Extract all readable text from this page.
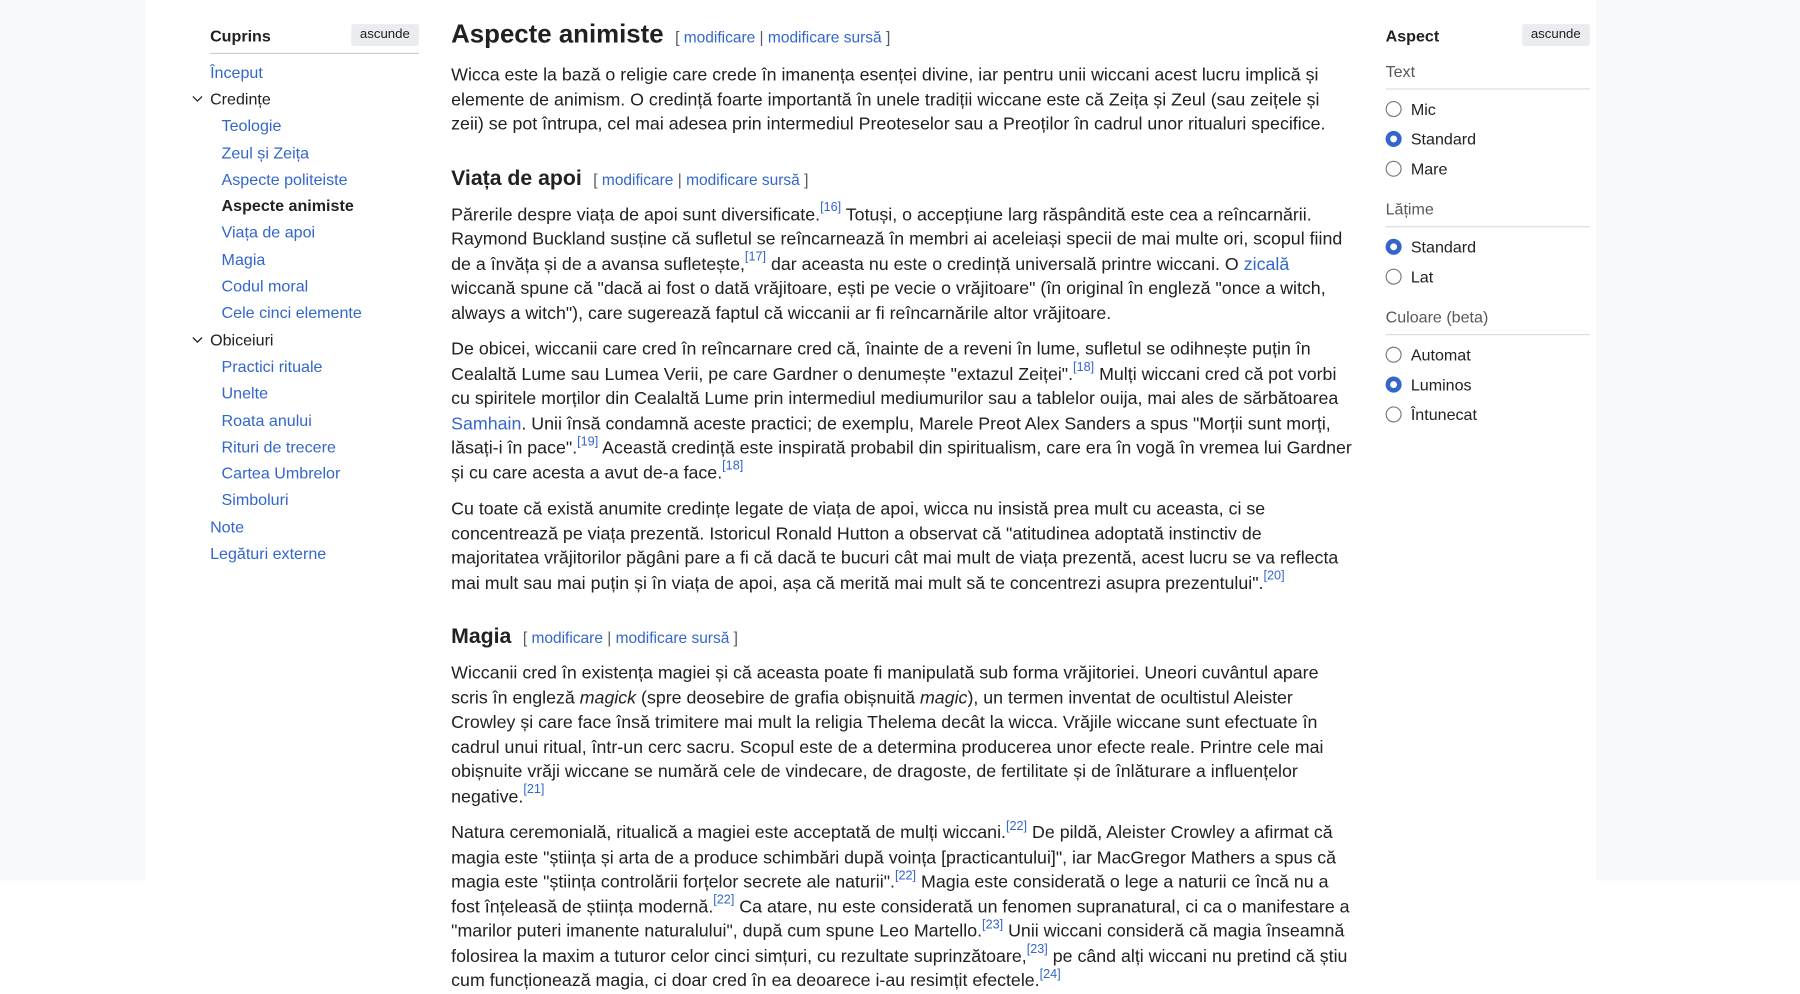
Cuprins	ascunde
Început
Credințe
Teologie
Zeul și Zeița
Aspecte politeiste
Aspecte animiste
Viața de apoi
Magia
Codul moral
Cele cinci elemente
Obiceiuri
Practici rituale
Unelte
Roata anului
Rituri de trecere
Cartea Umbrelor
Simboluri
Note
Legături externe
Aspecte animiste [ modificare | modificare sursă ]

Wicca este la bază o religie care crede în imanența esenței divine, iar pentru unii wiccani acest lucru implică și elemente de animism. O credință foarte importantă în unele tradiții wiccane este că Zeița și Zeul (sau zeițele și zeii) se pot întrupa, cel mai adesea prin intermediul Preoteselor sau a Preoților în cadrul unor ritualuri specifice.

Viața de apoi [ modificare | modificare sursă ]

Părerile despre viața de apoi sunt diversificate.[16] Totuși, o accepțiune larg răspândită este cea a reîncarnării. Raymond Buckland susține că sufletul se reîncarnează în membri ai aceleiași specii de mai multe ori, scopul fiind de a învăța și de a avansa sufletește,[17] dar aceasta nu este o credință universală printre wiccani. O zicală wiccană spune că "dacă ai fost o dată vrăjitoare, ești pe vecie o vrăjitoare" (în original în engleză "once a witch, always a witch"), care sugerează faptul că wiccanii ar fi reîncarnările altor vrăjitoare.

De obicei, wiccanii care cred în reîncarnare cred că, înainte de a reveni în lume, sufletul se odihnește puțin în Cealaltă Lume sau Lumea Verii, pe care Gardner o denumește "extazul Zeiței".[18] Mulți wiccani cred că pot vorbi cu spiritele morților din Cealaltă Lume prin intermediul mediumurilor sau a tablelor ouija, mai ales de sărbătoarea Samhain. Unii însă condamnă aceste practici; de exemplu, Marele Preot Alex Sanders a spus "Morții sunt morți, lăsați-i în pace".[19] Această credință este inspirată probabil din spiritualism, care era în vogă în vremea lui Gardner și cu care acesta a avut de-a face.[18]

Cu toate că există anumite credințe legate de viața de apoi, wicca nu insistă prea mult cu aceasta, ci se concentrează pe viața prezentă. Istoricul Ronald Hutton a observat că "atitudinea adoptată instinctiv de majoritatea vrăjitorilor păgâni pare a fi că dacă te bucuri cât mai mult de viața prezentă, acest lucru se va reflecta mai mult sau mai puțin și în viața de apoi, așa că merită mai mult să te concentrezi asupra prezentului".[20]

Magia [ modificare | modificare sursă ]

Wiccanii cred în existența magiei și că aceasta poate fi manipulată sub forma vrăjitoriei. Uneori cuvântul apare scris în engleză magick (spre deosebire de grafia obișnuită magic), un termen inventat de ocultistul Aleister Crowley și care face însă trimitere mai mult la religia Thelema decât la wicca. Vrăjile wiccane sunt efectuate în cadrul unui ritual, într-un cerc sacru. Scopul este de a determina producerea unor efecte reale. Printre cele mai obișnuite vrăji wiccane se numără cele de vindecare, de dragoste, de fertilitate și de înlăturare a influențelor negative.[21]

Natura ceremonială, ritualică a magiei este acceptată de mulți wiccani.[22] De pildă, Aleister Crowley a afirmat că magia este "știința și arta de a produce schimbări după voința [practicantului]", iar MacGregor Mathers a spus că magia este "știința controlării forțelor secrete ale naturii".[22] Magia este considerată o lege a naturii ce încă nu a fost înțeleasă de știința modernă.[22] Ca atare, nu este considerată un fenomen supranatural, ci ca o manifestare a "marilor puteri imanente naturalului", după cum spune Leo Martello.[23] Unii wiccani consideră că magia înseamnă folosirea la maxim a tuturor celor cinci simțuri, cu rezultate suprinzătoare,[23] pe când alți wiccani nu pretind că știu cum funcționează magia, ci doar cred în ea deoarece i-au resimțit efectele.[24]

Aspect	ascunde
Text
Mic
Standard
Mare
Lățime
Standard
Lat
Culoare (beta)
Automat
Luminos
Întunecat
